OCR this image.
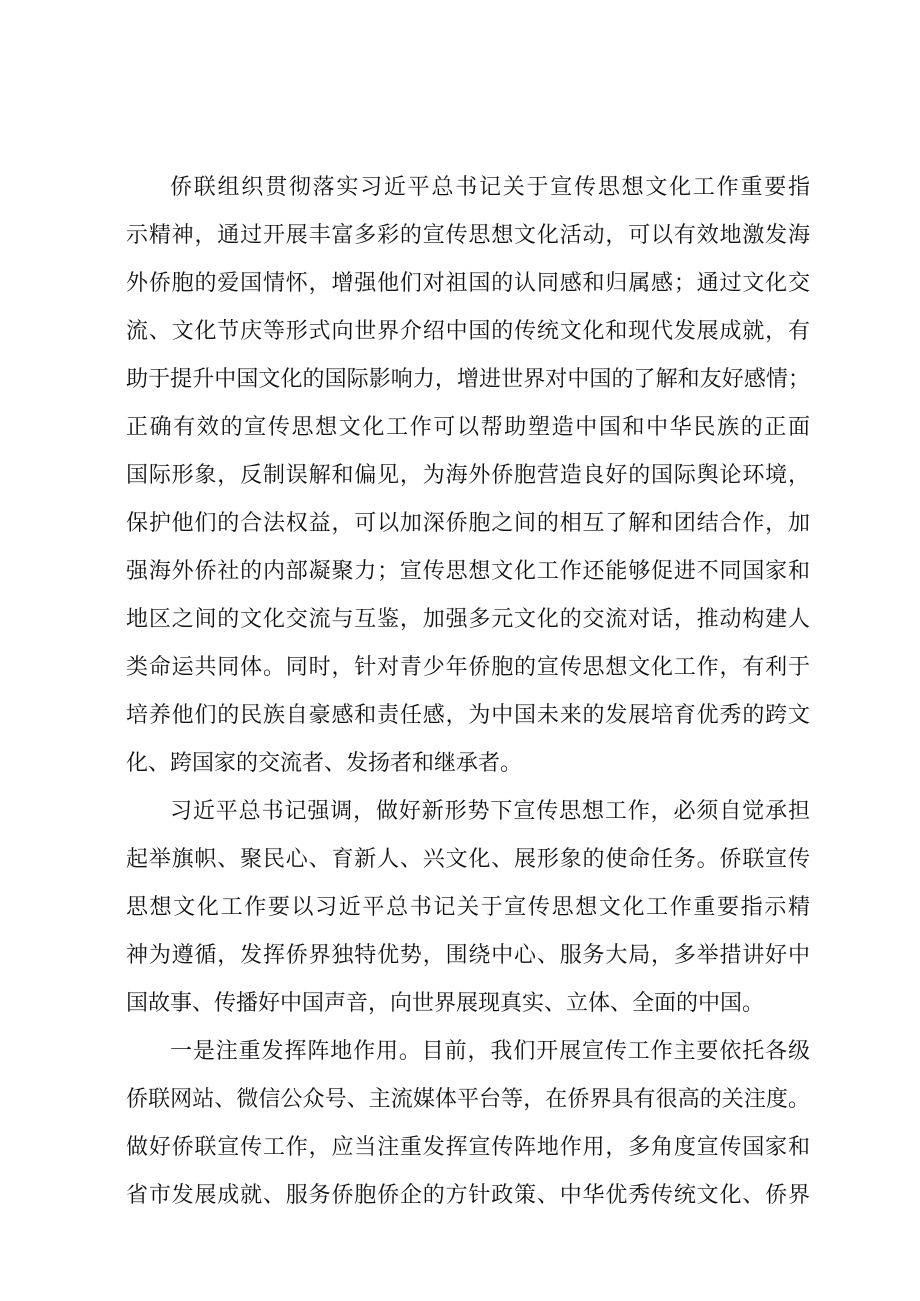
侨联组织贯彻落实习近平总书记关于宣传思想文化工作重要指
示精神，通过开展丰富多彩的宣传思想文化活动，可以有效地激发海
外侨胞的爱国情怀，增强他们对祖国的认同感和归属感；通过文化交
流、文化节庆等形式向世界介绍中国的传统文化和现代发展成就，有
助于提升中国文化的国际影响力，增进世界对中国的了解和友好感情；
正确有效的宣传思想文化工作可以帮助塑造中国和中华民族的正面
国际形象，反制误解和偏见，为海外侨胞营造良好的国际舆论环境，
保护他们的合法权益，可以加深侨胞之间的相互了解和团结合作，加
强海外侨社的内部凝聚力；宣传思想文化工作还能够促进不同国家和
地区之间的文化交流与互鉴，加强多元文化的交流对话，推动构建人
类命运共同体。同时，针对青少年侨胞的宣传思想文化工作，有利于
培养他们的民族自豪感和责任感，为中国未来的发展培育优秀的跨文
化、跨国家的交流者、发扬者和继承者。
习近平总书记强调，做好新形势下宣传思想工作，必须自觉承担
起举旗帜、聚民心、育新人、兴文化、展形象的使命任务。侨联宣传
思想文化工作要以习近平总书记关于宣传思想文化工作重要指示精
神为遵循，发挥侨界独特优势，围绕中心、服务大局，多举措讲好中
国故事、传播好中国声音，向世界展现真实、立体、全面的中国。
一是注重发挥阵地作用。目前，我们开展宣传工作主要依托各级
侨联网站、微信公众号、主流媒体平台等，在侨界具有很高的关注度。
做好侨联宣传工作，应当注重发挥宣传阵地作用，多角度宣传国家和
省市发展成就、服务侨胞侨企的方针政策、中华优秀传统文化、侨界
